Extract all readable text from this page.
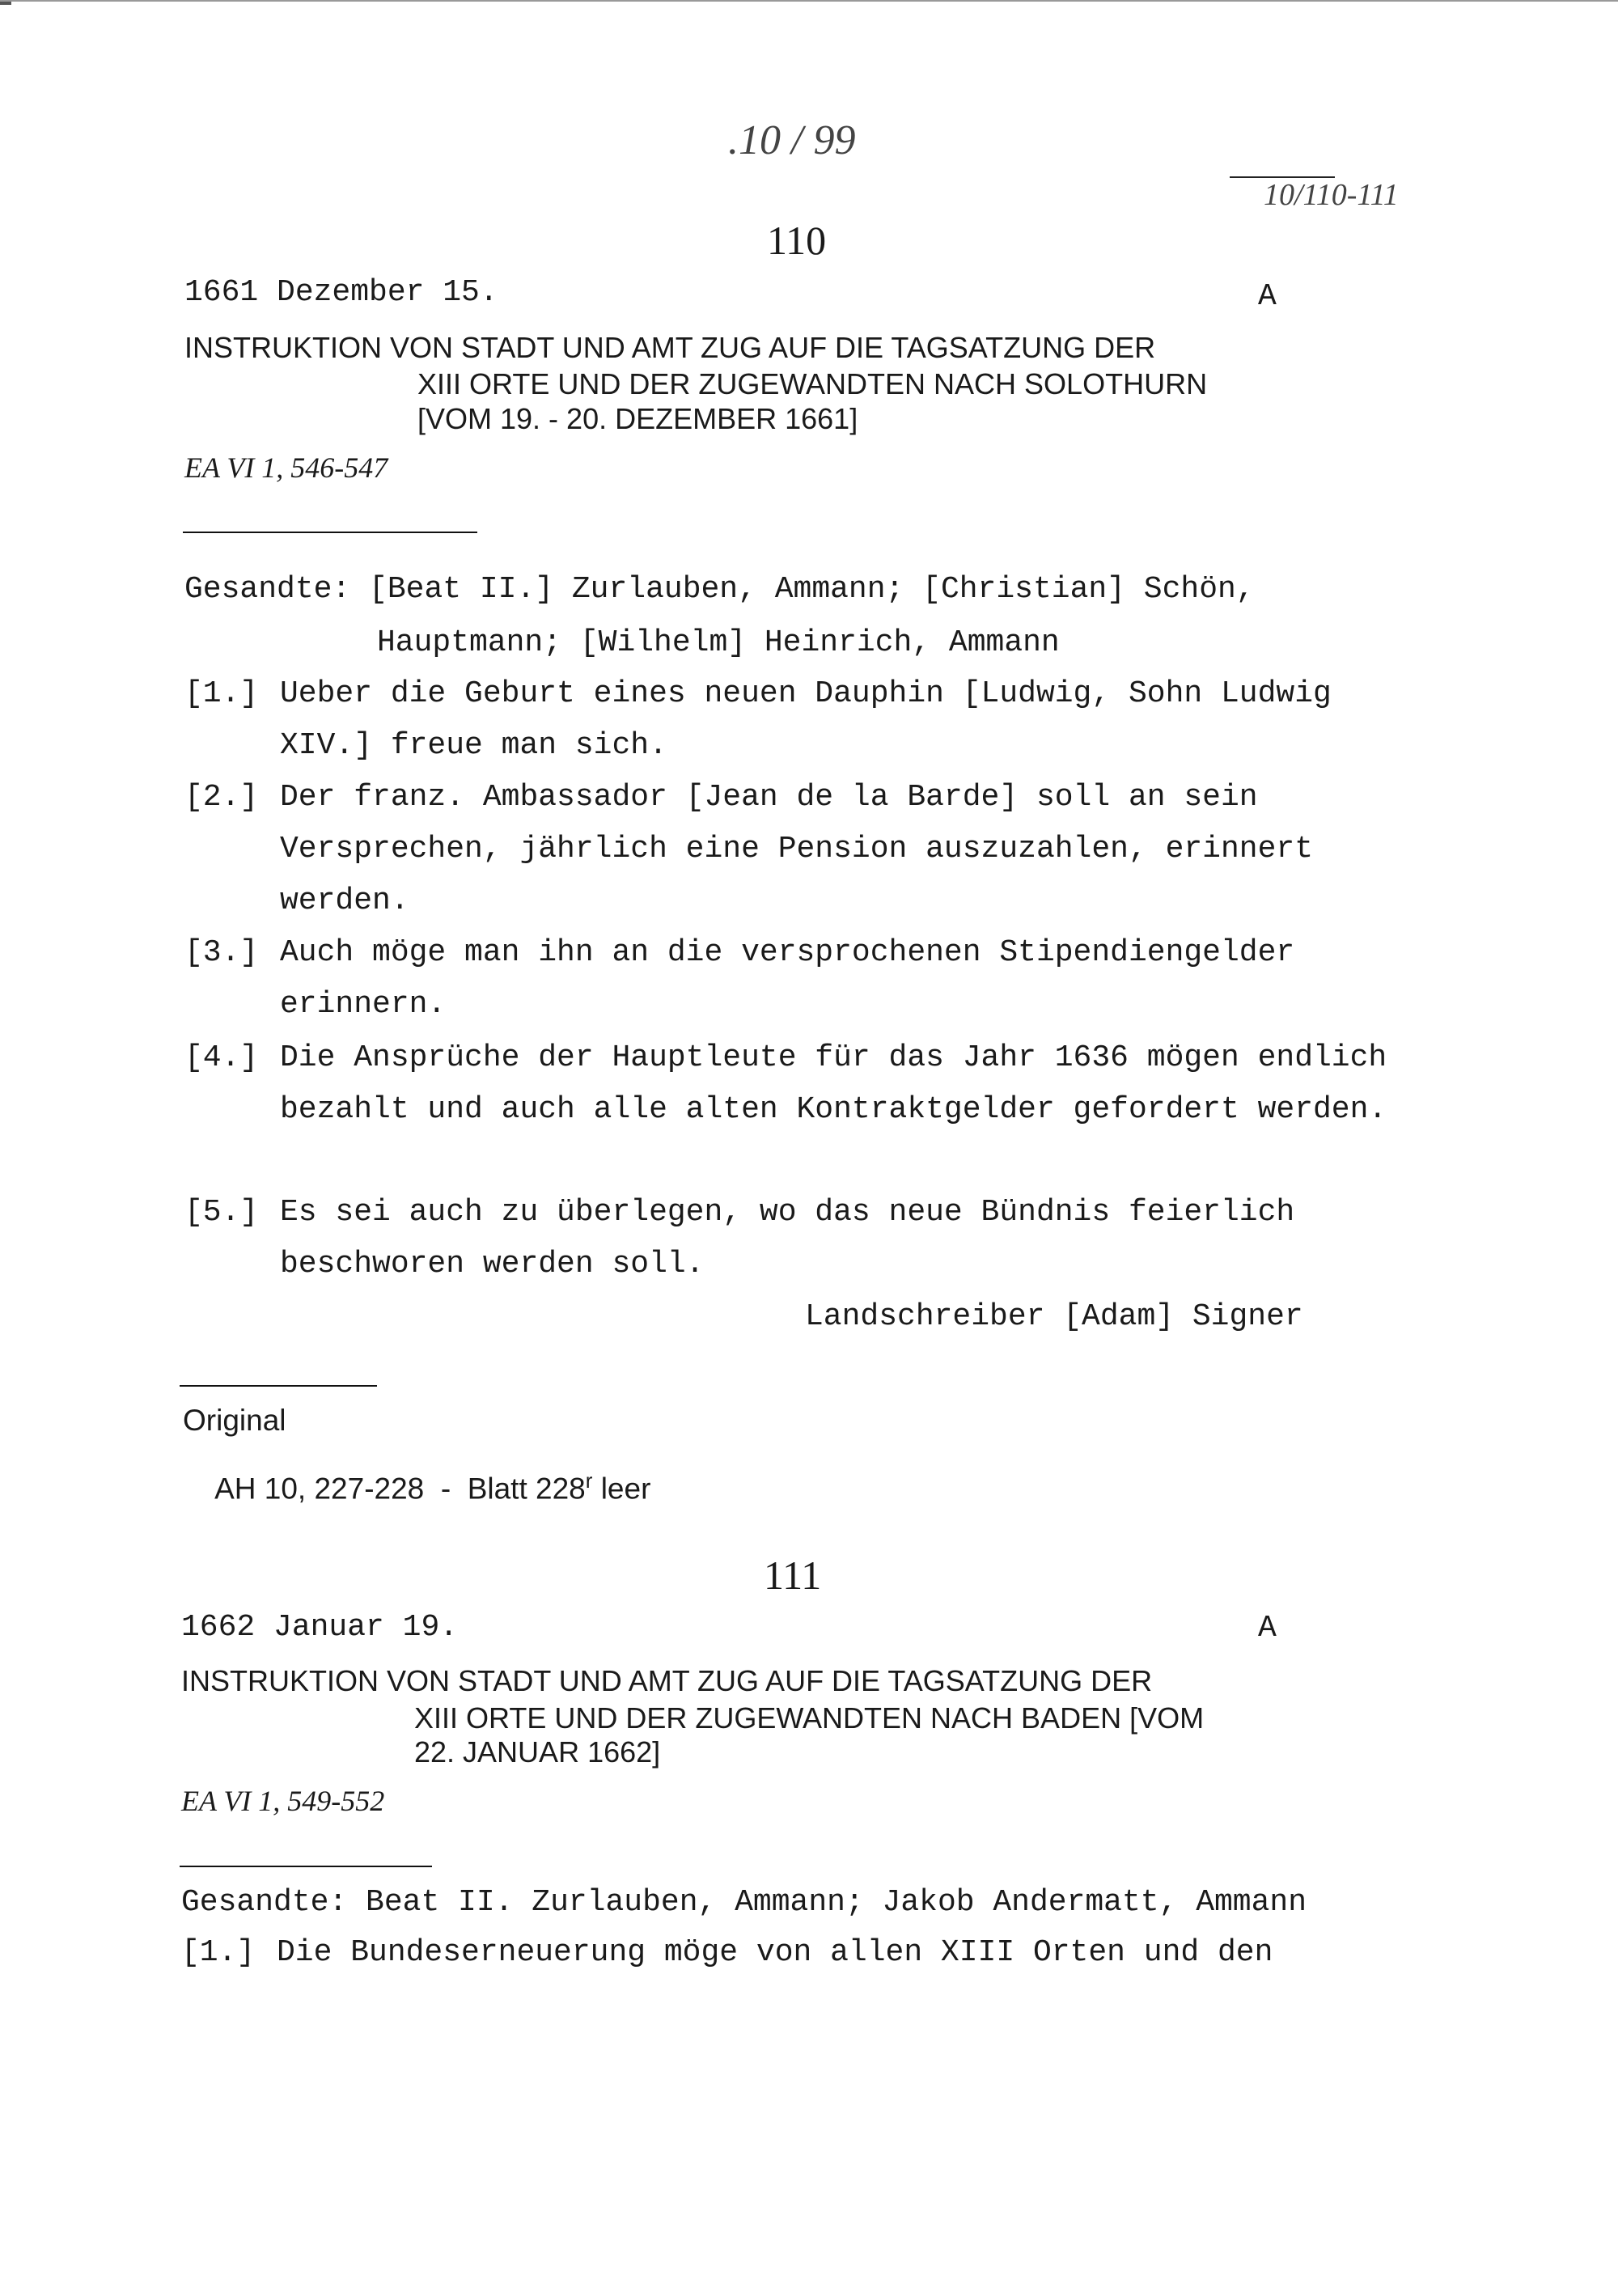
.10 / 99
10/110-111
110
1661 Dezember 15.	A
INSTRUKTION VON STADT UND AMT ZUG AUF DIE TAGSATZUNG DER
XIII ORTE UND DER ZUGEWANDTEN NACH SOLOTHURN
[VOM 19. - 20. DEZEMBER 1661]
EA VI 1, 546-547
Gesandte: [Beat II.] Zurlauben, Ammann; [Christian] Schön,
Hauptmann; [Wilhelm] Heinrich, Ammann
[1.] Ueber die Geburt eines neuen Dauphin [Ludwig, Sohn Ludwig XIV.] freue man sich.
[2.] Der franz. Ambassador [Jean de la Barde] soll an sein Versprechen, jährlich eine Pension auszuzahlen, erinnert werden.
[3.] Auch möge man ihn an die versprochenen Stipendiengelder erinnern.
[4.] Die Ansprüche der Hauptleute für das Jahr 1636 mögen endlich bezahlt und auch alle alten Kontraktgelder gefordert werden.
[5.] Es sei auch zu überlegen, wo das neue Bündnis feierlich beschworen werden soll.
Landschreiber [Adam] Signer
Original

AH 10, 227-228  -  Blatt 228$^r$ leer

111
1662 Januar 19.	A
INSTRUKTION VON STADT UND AMT ZUG AUF DIE TAGSATZUNG DER
XIII ORTE UND DER ZUGEWANDTEN NACH BADEN [VOM
22. JANUAR 1662]
EA VI 1, 549-552
Gesandte: Beat II. Zurlauben, Ammann; Jakob Andermatt, Ammann
[1.] Die Bundeserneuerung möge von allen XIII Orten und den
